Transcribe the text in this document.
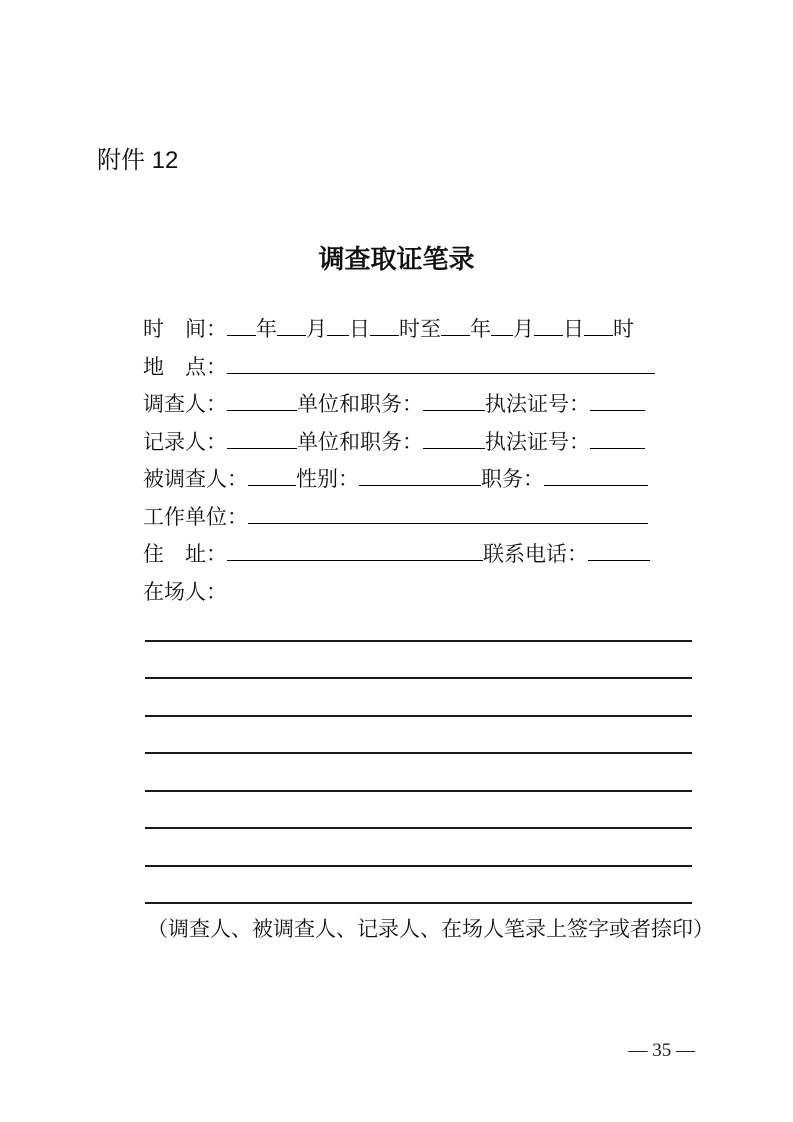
附件 12
调查取证笔录
时　间： 年 月 日 时至 年 月 日 时
地　点：
调查人：	单位和职务：	执法证号：
记录人：	单位和职务：	执法证号：
被调查人： 性别：	职务：
工作单位：
住　址：	联系电话：
在场人：
（调查人、被调查人、记录人、在场人笔录上签字或者捺印）
— 35 —
